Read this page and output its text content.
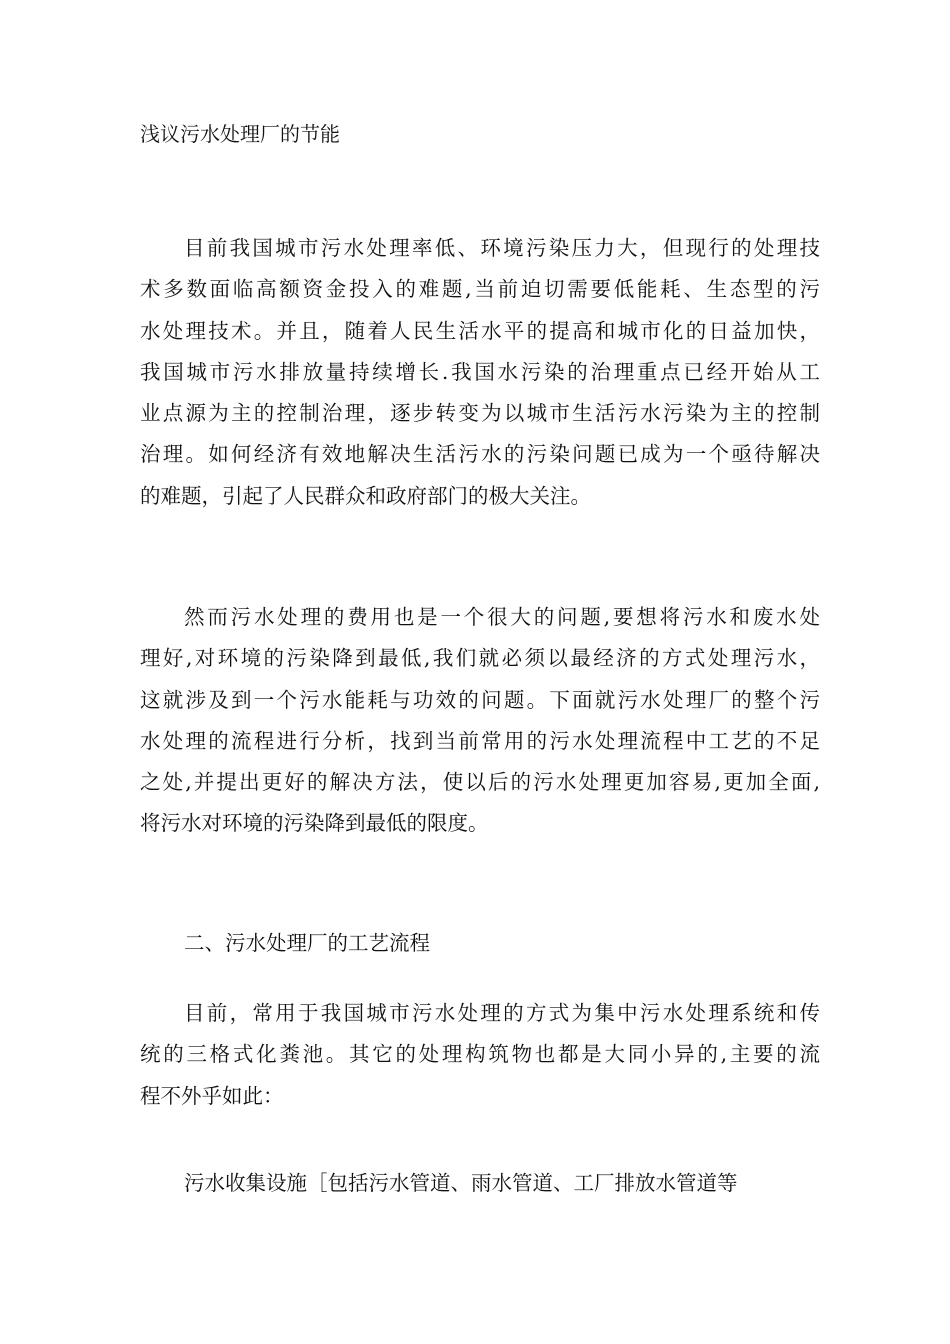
浅议污水处理厂的节能
目前我国城市污水处理率低、环境污染压力大，但现行的处理技
术多数面临高额资金投入的难题,当前迫切需要低能耗、生态型的污
水处理技术。并且，随着人民生活水平的提高和城市化的日益加快，
我国城市污水排放量持续增长.我国水污染的治理重点已经开始从工
业点源为主的控制治理，逐步转变为以城市生活污水污染为主的控制
治理。如何经济有效地解决生活污水的污染问题已成为一个亟待解决
的难题，引起了人民群众和政府部门的极大关注。
然而污水处理的费用也是一个很大的问题,要想将污水和废水处
理好,对环境的污染降到最低,我们就必须以最经济的方式处理污水，
这就涉及到一个污水能耗与功效的问题。下面就污水处理厂的整个污
水处理的流程进行分析，找到当前常用的污水处理流程中工艺的不足
之处,并提出更好的解决方法，使以后的污水处理更加容易,更加全面,
将污水对环境的污染降到最低的限度。
二、污水处理厂的工艺流程
目前，常用于我国城市污水处理的方式为集中污水处理系统和传
统的三格式化粪池。其它的处理构筑物也都是大同小异的,主要的流
程不外乎如此：
污水收集设施［包括污水管道、雨水管道、工厂排放水管道等
